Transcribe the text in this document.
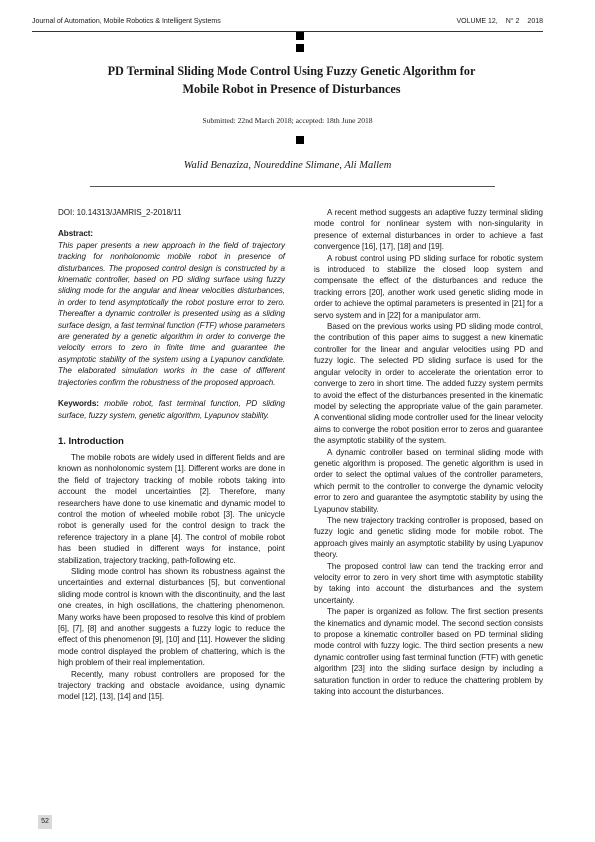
Journal of Automation, Mobile Robotics & Intelligent Systems	VOLUME 12, N° 2 2018
PD Terminal Sliding Mode Control Using Fuzzy Genetic Algorithm for
Mobile Robot in Presence of Disturbances
Submitted: 22nd March 2018; accepted: 18th June 2018
Walid Benaziza, Noureddine Slimane, Ali Mallem

DOI: 10.14313/JAMRIS_2-2018/11

Abstract:

This paper presents a new approach in the field of trajectory tracking for nonholonomic mobile robot in presence of disturbances. The proposed control design is constructed by a kinematic controller, based on PD sliding surface using fuzzy sliding mode for the angular and linear velocities disturbances, in order to tend asymptotically the robot posture error to zero. Thereafter a dynamic controller is presented using as a sliding surface design, a fast terminal function (FTF) whose parameters are generated by a genetic algorithm in order to converge the velocity errors to zero in finite time and guarantee the asymptotic stability of the system using a Lyapunov candidate. The elaborated simulation works in the case of different trajectories confirm the robustness of the proposed approach.

Keywords: mobile robot, fast terminal function, PD sliding surface, fuzzy system, genetic algorithm, Lyapunov stability.

1. Introduction

The mobile robots are widely used in different fields and are known as nonholonomic system [1]. Different works are done in the field of trajectory tracking of mobile robots taking into account the model uncertainties [2]. Therefore, many researchers have done to use kinematic and dynamic model to control the motion of wheeled mobile robot [3]. The unicycle robot is generally used for the control design to track the reference trajectory in a plane [4]. The control of mobile robot has been studied in different ways for instance, point stabilization, trajectory tracking, path-following etc.

Sliding mode control has shown its robustness against the uncertainties and external disturbances [5], but conventional sliding mode control is known with the discontinuity, and the last one creates, in high oscillations, the chattering phenomenon. Many works have been proposed to resolve this kind of problem [6], [7], [8] and another suggests a fuzzy logic to reduce the effect of this phenomenon [9], [10] and [11]. However the sliding mode control displayed the problem of chattering, which is the high problem of their real implementation.

Recently, many robust controllers are proposed for the trajectory tracking and obstacle avoidance, using dynamic model [12], [13], [14] and [15].

A recent method suggests an adaptive fuzzy terminal sliding mode control for nonlinear system with non-singularity in presence of external disturbances in order to achieve a fast convergence [16], [17], [18] and [19].

A robust control using PD sliding surface for robotic system is introduced to stabilize the closed loop system and compensate the effect of the disturbances and reduce the tracking errors [20], another work used genetic sliding mode in order to achieve the optimal parameters is presented in [21] for a servo system and in [22] for a manipulator arm.

Based on the previous works using PD sliding mode control, the contribution of this paper aims to suggest a new kinematic controller for the linear and angular velocities using PD and fuzzy logic. The selected PD sliding surface is used for the angular velocity in order to accelerate the orientation error to converge to zero in short time. The added fuzzy system permits to avoid the effect of the disturbances presented in the kinematic model by selecting the appropriate value of the gain parameter. A conventional sliding mode controller used for the linear velocity aims to converge the robot position error to zeros and guarantee the asymptotic stability of the system.

A dynamic controller based on terminal sliding mode with genetic algorithm is proposed. The genetic algorithm is used in order to select the optimal values of the controller parameters, which permit to the controller to converge the dynamic velocity error to zero and guarantee the asymptotic stability by using the Lyapunov stability.

The new trajectory tracking controller is proposed, based on fuzzy logic and genetic sliding mode for mobile robot. The approach gives mainly an asymptotic stability by using Lyapunov theory.

The proposed control law can tend the tracking error and velocity error to zero in very short time with asymptotic stability by taking into account the disturbances and the system uncertainty.

The paper is organized as follow. The first section presents the kinematics and dynamic model. The second section consists to propose a kinematic controller based on PD terminal sliding mode control with fuzzy logic. The third section presents a new dynamic controller using fast terminal function (FTF) with genetic algorithm [23] into the sliding surface design by including a saturation function in order to reduce the chattering problem by taking into account the disturbances.

52
